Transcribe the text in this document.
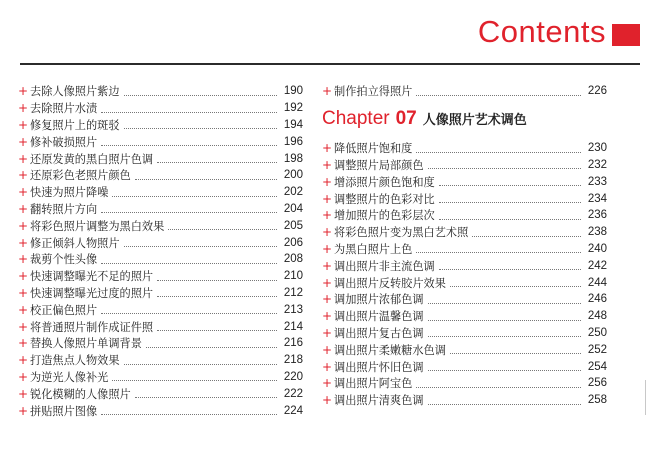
Contents
+ 去除人像照片紫边	190
+ 去除照片水渍	192
+ 修复照片上的斑驳	194
+ 修补破损照片	196
+ 还原发黄的黑白照片色调	198
+ 还原彩色老照片颜色	200
+ 快速为照片降噪	202
+ 翻转照片方向	204
+ 将彩色照片调整为黑白效果	205
+ 修正倾斜人物照片	206
+ 裁剪个性头像	208
+ 快速调整曝光不足的照片	210
+ 快速调整曝光过度的照片	212
+ 校正偏色照片	213
+ 将普通照片制作成证件照	214
+ 替换人像照片单调背景	216
+ 打造焦点人物效果	218
+ 为逆光人像补光	220
+ 锐化模糊的人像照片	222
+ 拼贴照片图像	224
+ 制作拍立得照片	226
Chapter 07 人像照片艺术调色
+ 降低照片饱和度	230
+ 调整照片局部颜色	232
+ 增添照片颜色饱和度	233
+ 调整照片的色彩对比	234
+ 增加照片的色彩层次	236
+ 将彩色照片变为黑白艺术照	238
+ 为黑白照片上色	240
+ 调出照片非主流色调	242
+ 调出照片反转胶片效果	244
+ 调加照片浓郁色调	246
+ 调出照片温馨色调	248
+ 调出照片复古色调	250
+ 调出照片柔嫩糖水色调	252
+ 调出照片怀旧色调	254
+ 调出照片阿宝色	256
+ 调出照片清爽色调	258
